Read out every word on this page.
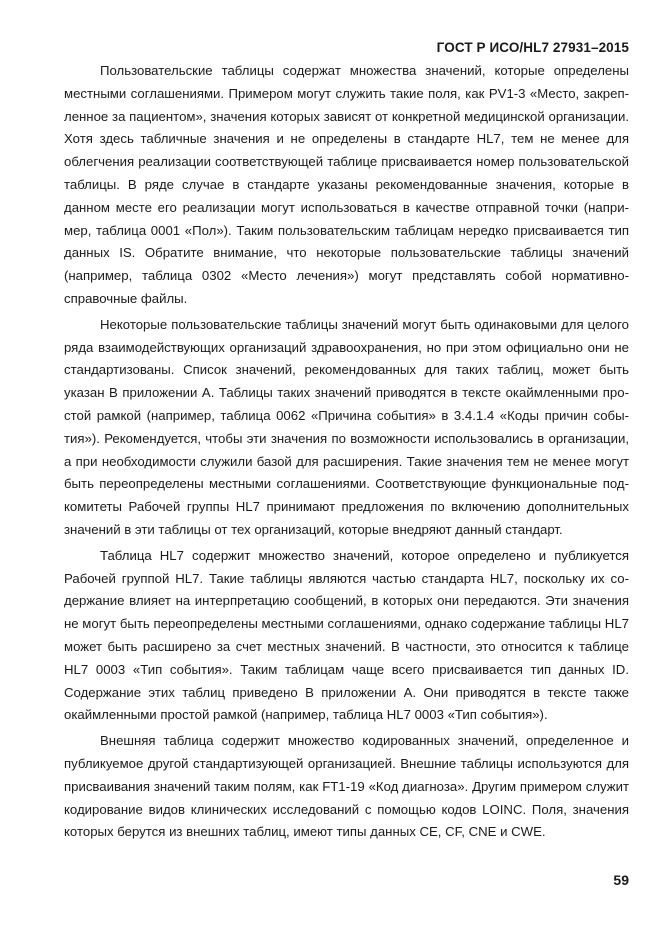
ГОСТ Р ИСО/HL7 27931–2015

Пользовательские таблицы содержат множества значений, которые определены местными соглашениями. Примером могут служить такие поля, как PV1-3 «Место, закрепленное за пациентом», значения которых зависят от конкретной медицинской организации. Хотя здесь табличные значения и не определены в стандарте HL7, тем не менее для облегчения реализации соответствующей таблице присваивается номер пользовательской таблицы. В ряде случае в стандарте указаны рекомендованные значения, которые в данном месте его реализации могут использоваться в качестве отправной точки (например, таблица 0001 «Пол»). Таким пользовательским таблицам нередко присваивается тип данных IS. Обратите внимание, что некоторые пользовательские таблицы значений (например, таблица 0302 «Место лечения») могут представлять собой нормативно-справочные файлы.

Некоторые пользовательские таблицы значений могут быть одинаковыми для целого ряда взаимодействующих организаций здравоохранения, но при этом официально они не стандартизованы. Список значений, рекомендованных для таких таблиц, может быть указан В приложении А. Таблицы таких значений приводятся в тексте окаймленными простой рамкой (например, таблица 0062 «Причина события» в 3.4.1.4 «Коды причин события»). Рекомендуется, чтобы эти значения по возможности использовались в организации, а при необходимости служили базой для расширения. Такие значения тем не менее могут быть переопределены местными соглашениями. Соответствующие функциональные подкомитеты Рабочей группы HL7 принимают предложения по включению дополнительных значений в эти таблицы от тех организаций, которые внедряют данный стандарт.

Таблица HL7 содержит множество значений, которое определено и публикуется Рабочей группой HL7. Такие таблицы являются частью стандарта HL7, поскольку их содержание влияет на интерпретацию сообщений, в которых они передаются. Эти значения не могут быть переопределены местными соглашениями, однако содержание таблицы HL7 может быть расширено за счет местных значений. В частности, это относится к таблице HL7 0003 «Тип события». Таким таблицам чаще всего присваивается тип данных ID. Содержание этих таблиц приведено В приложении А. Они приводятся в тексте также окаймленными простой рамкой (например, таблица HL7 0003 «Тип события»).

Внешняя таблица содержит множество кодированных значений, определенное и публикуемое другой стандартизующей организацией. Внешние таблицы используются для присваивания значений таким полям, как FT1-19 «Код диагноза». Другим примером служит кодирование видов клинических исследований с помощью кодов LOINC. Поля, значения которых берутся из внешних таблиц, имеют типы данных CE, CF, CNE и CWE.

59
